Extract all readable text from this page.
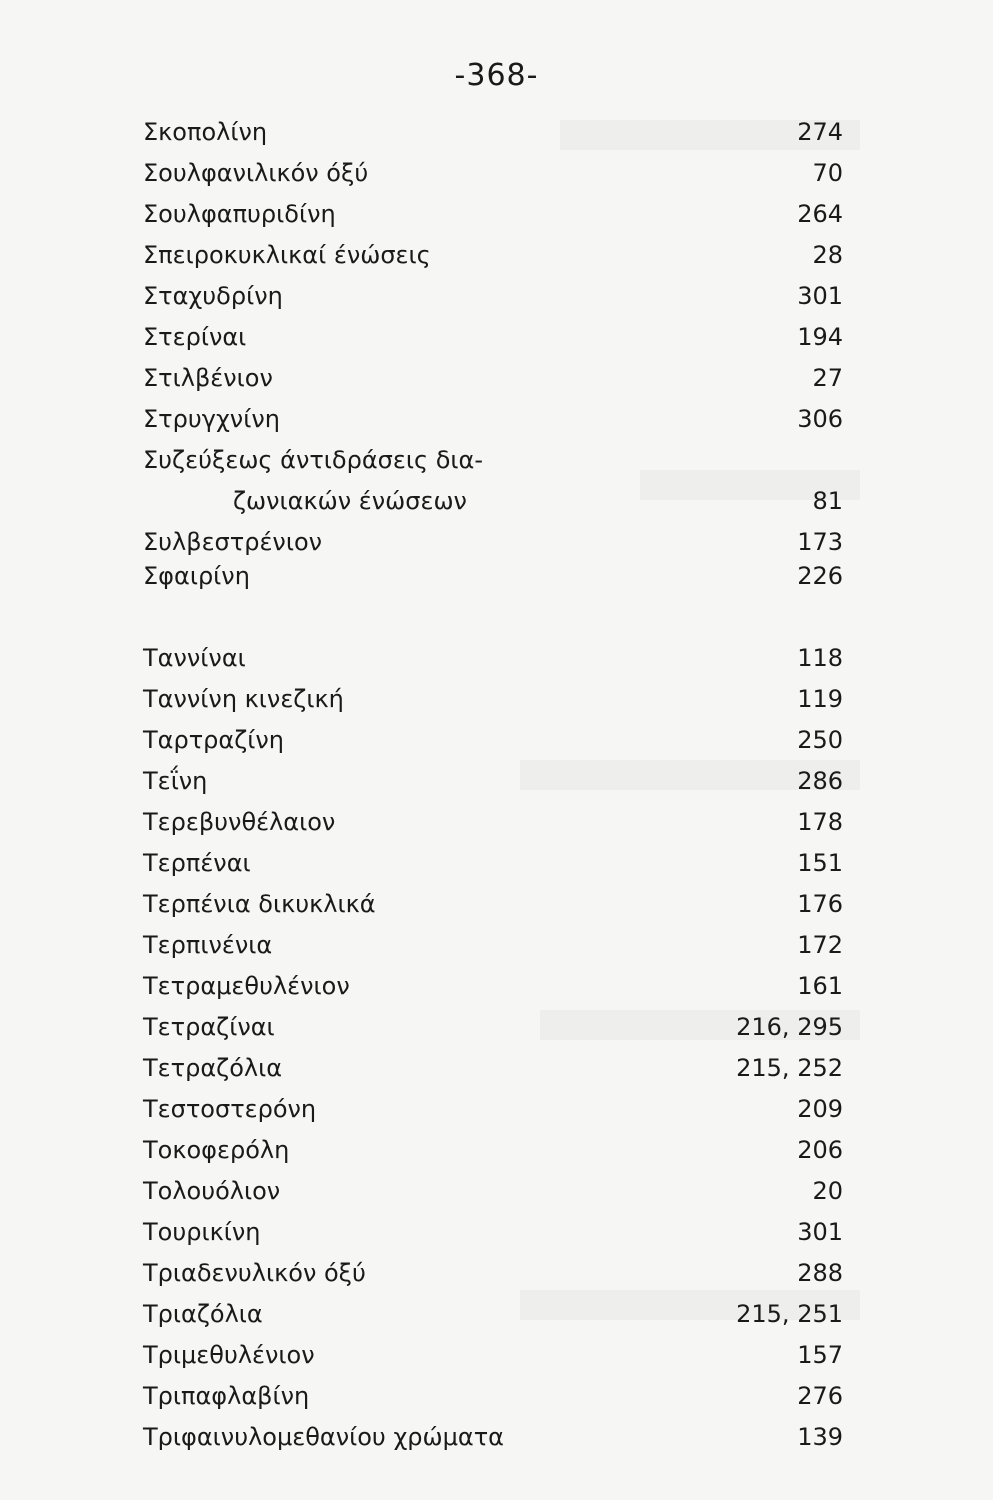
-368-
Σκοπολίνη	274
Σουλφανιλικόν όξύ	70
Σουλφαπυριδίνη	264
Σπειροκυκλικαί ένώσεις	28
Σταχυδρίνη	301
Στερίναι	194
Στιλβένιον	27
Στρυγχνίνη	306
Συζεύξεως άντιδράσεις δια-
ζωνιακών ένώσεων	81
Συλβεστρένιον	173
Σφαιρίνη	226
Ταννίναι	118
Ταννίνη κινεζική	119
Ταρτραζίνη	250
Τεΐνη	286
Τερεβυνθέλαιον	178
Τερπέναι	151
Τερπένια δικυκλικά	176
Τερπινένια	172
Τετραμεθυλένιον	161
Τετραζίναι	216, 295
Τετραζόλια	215, 252
Τεστοστερόνη	209
Τοκοφερόλη	206
Τολουόλιον	20
Τουρικίνη	301
Τριαδενυλικόν όξύ	288
Τριαζόλια	215, 251
Τριμεθυλένιον	157
Τριπαφλαβίνη	276
Τριφαινυλομεθανίου χρώματα	139
